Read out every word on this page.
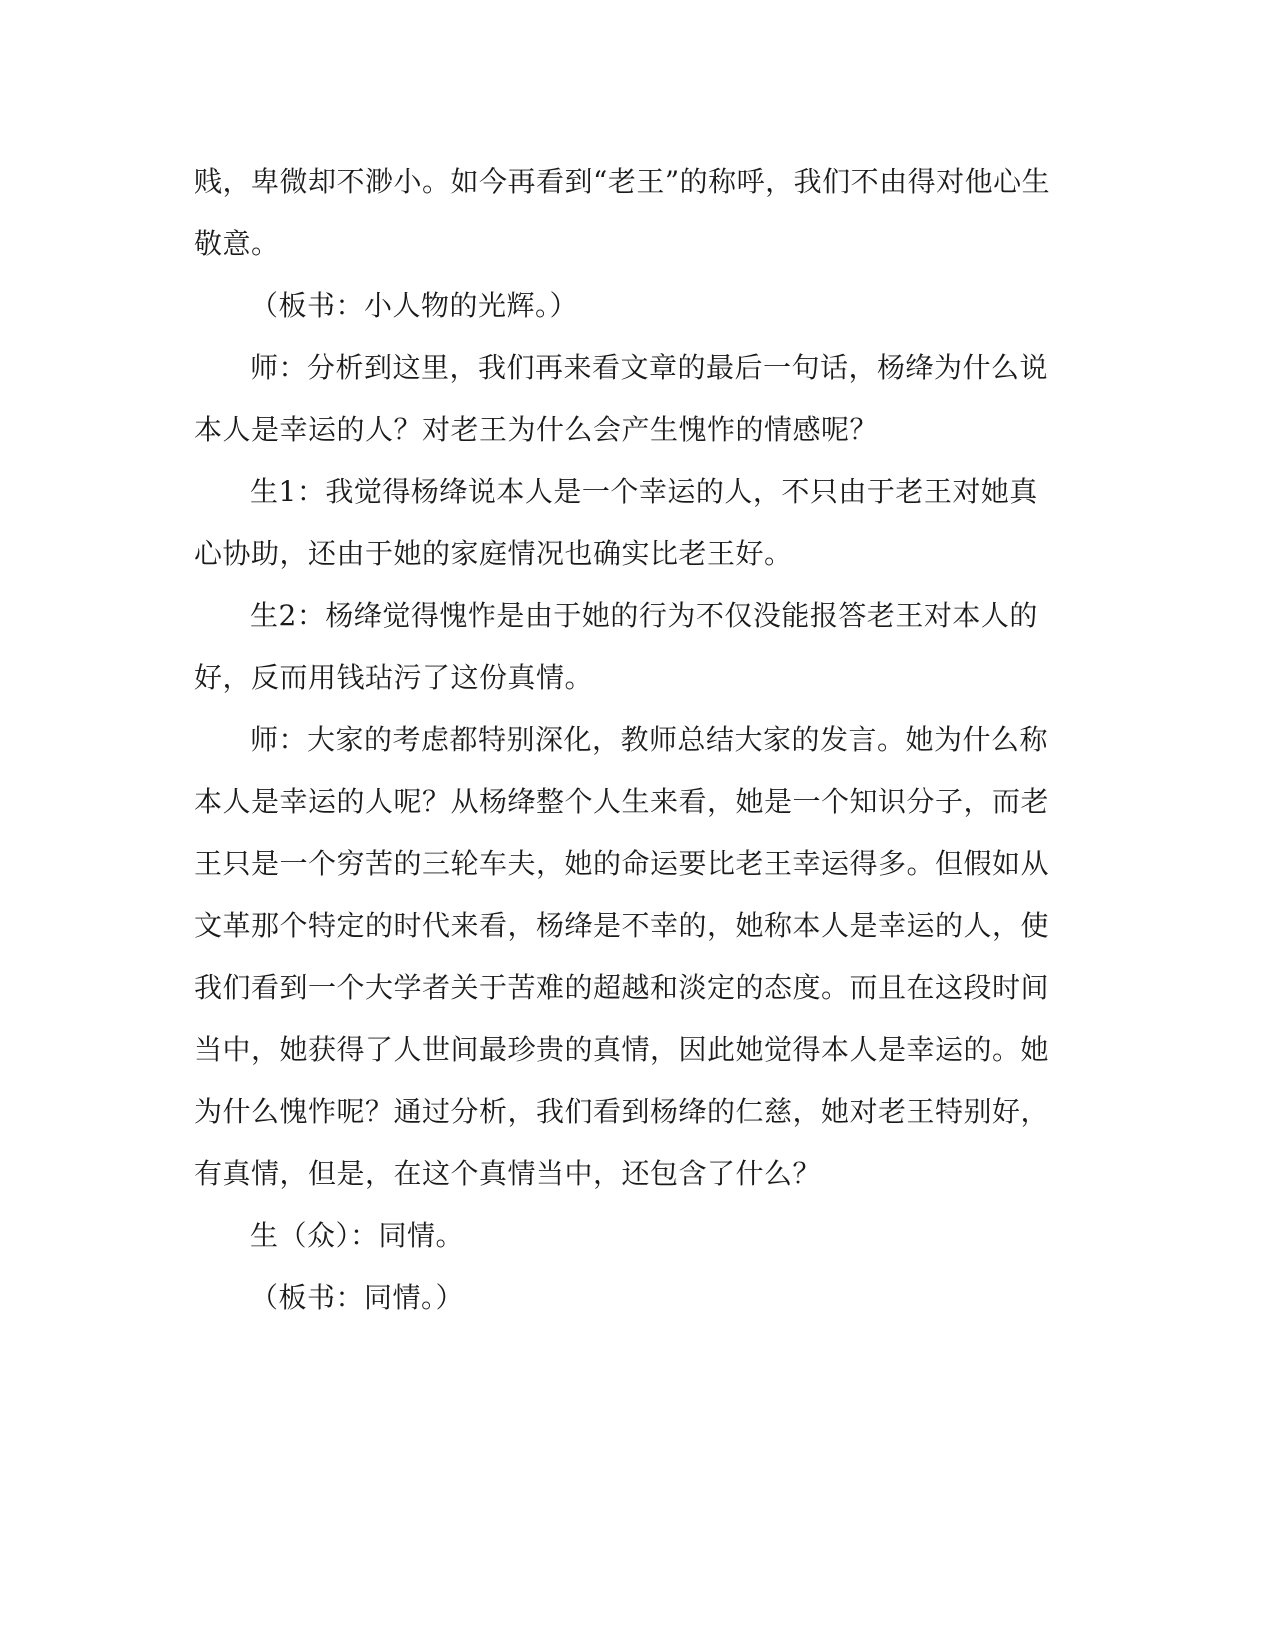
贱，卑微却不渺小。如今再看到“老王”的称呼，我们不由得对他心生
敬意。
（板书：小人物的光辉。）
师：分析到这里，我们再来看文章的最后一句话，杨绛为什么说
本人是幸运的人？对老王为什么会产生愧怍的情感呢？
生1：我觉得杨绛说本人是一个幸运的人，不只由于老王对她真
心协助，还由于她的家庭情况也确实比老王好。
生2：杨绛觉得愧怍是由于她的行为不仅没能报答老王对本人的
好，反而用钱玷污了这份真情。
师：大家的考虑都特别深化，教师总结大家的发言。她为什么称
本人是幸运的人呢？从杨绛整个人生来看，她是一个知识分子，而老
王只是一个穷苦的三轮车夫，她的命运要比老王幸运得多。但假如从
文革那个特定的时代来看，杨绛是不幸的，她称本人是幸运的人，使
我们看到一个大学者关于苦难的超越和淡定的态度。而且在这段时间
当中，她获得了人世间最珍贵的真情，因此她觉得本人是幸运的。她
为什么愧怍呢？通过分析，我们看到杨绛的仁慈，她对老王特别好，
有真情，但是，在这个真情当中，还包含了什么？
生（众）：同情。
（板书：同情。）
